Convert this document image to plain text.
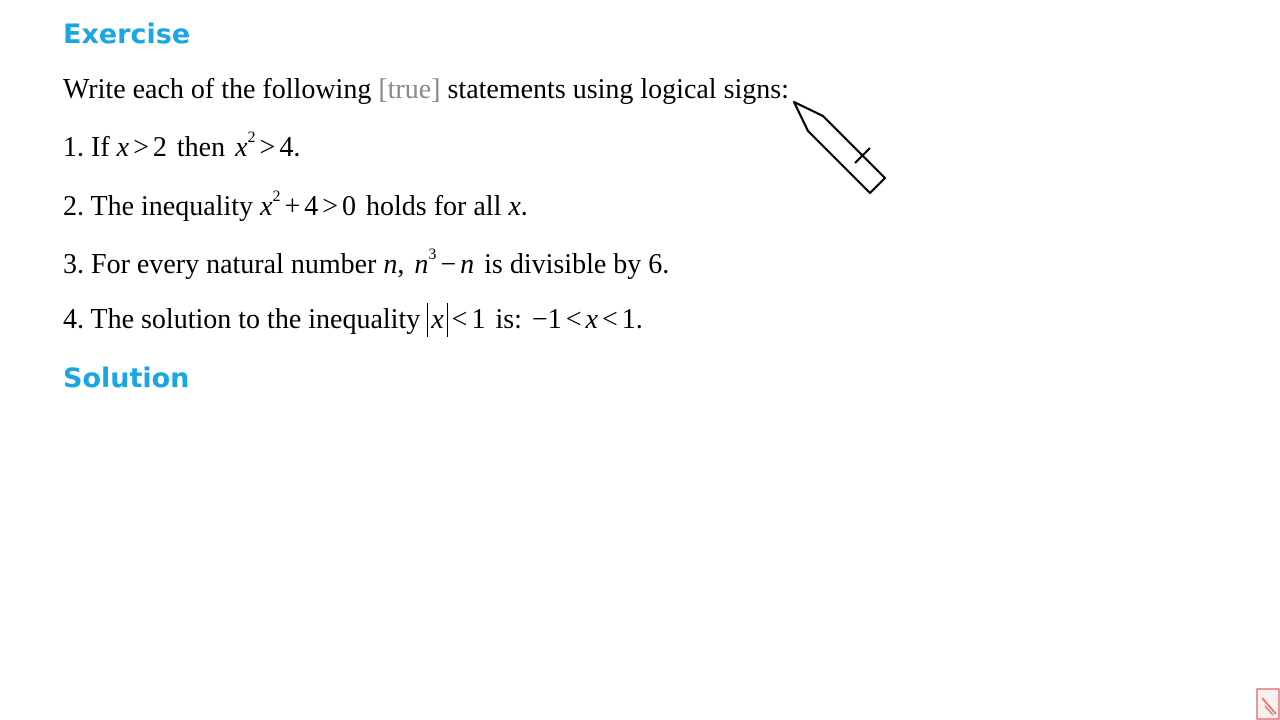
Exercise
Write each of the following [true] statements using logical signs:
1. If x > 2 then $x^2 > 4$.
2. The inequality $x^2 + 4 > 0$ holds for all x.
3. For every natural number n, $n^3 - n$ is divisible by 6.
4. The solution to the inequality x < 1 is: −1 < x < 1.
Solution
